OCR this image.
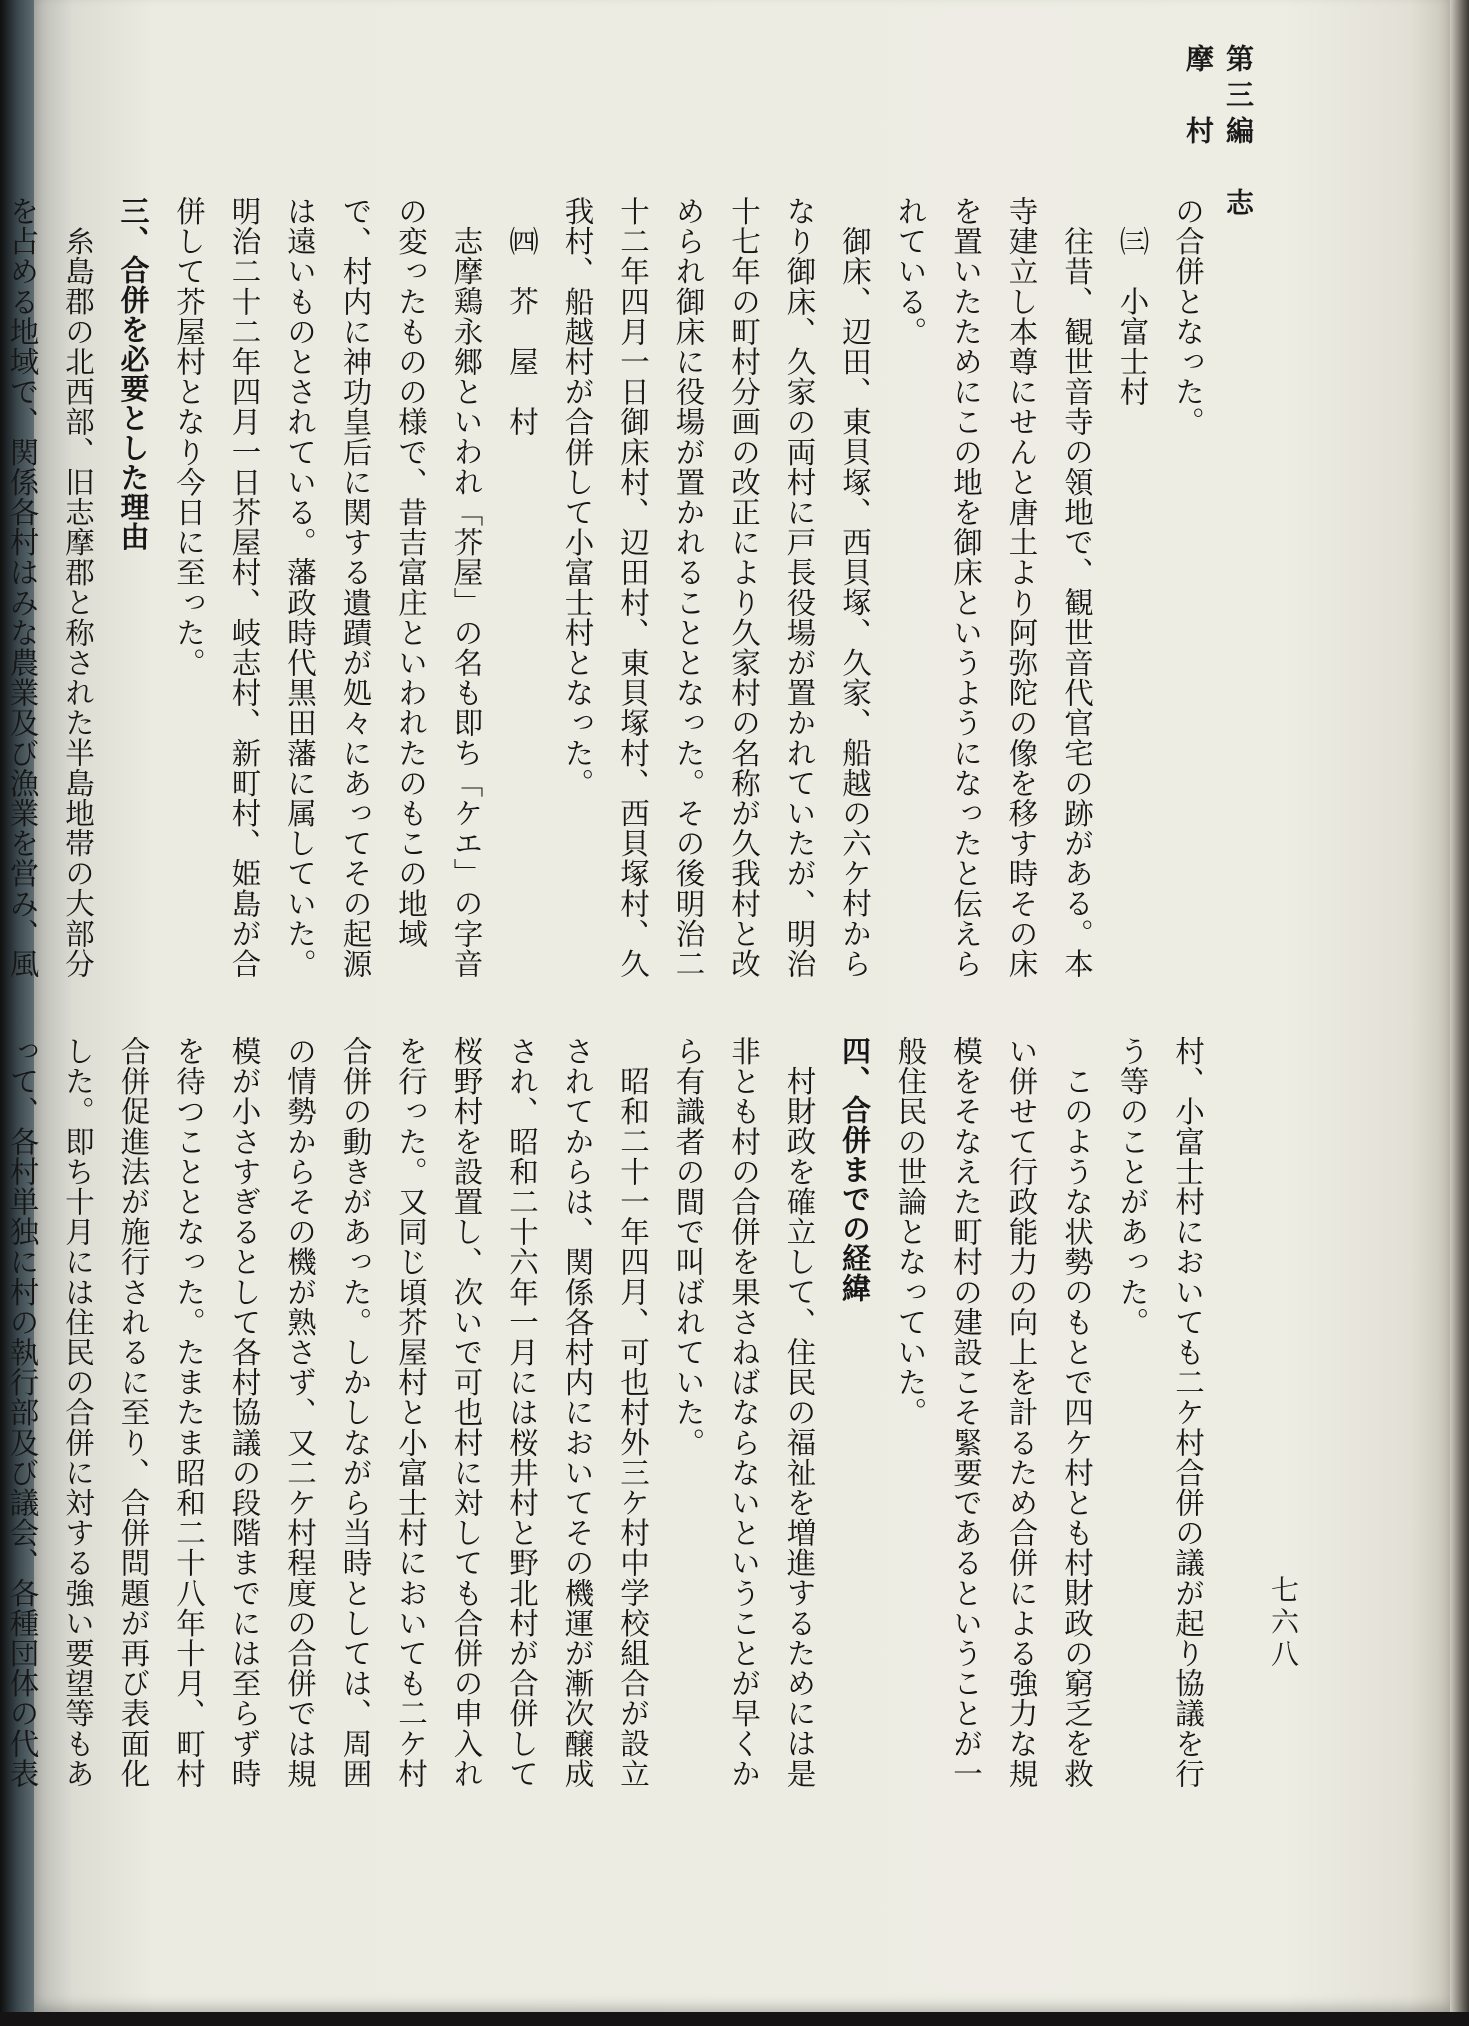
第三編　志　摩　村
七六八

の合併となった。

㈢　小富士村

往昔、観世音寺の領地で、観世音代官宅の跡がある。本寺建立し本尊にせんと唐土より阿弥陀の像を移す時その床を置いたためにこの地を御床というようになったと伝えられている。

御床、辺田、東貝塚、西貝塚、久家、船越の六ケ村からなり御床、久家の両村に戸長役場が置かれていたが、明治十七年の町村分画の改正により久家村の名称が久我村と改められ御床に役場が置かれることとなった。その後明治二十二年四月一日御床村、辺田村、東貝塚村、西貝塚村、久我村、船越村が合併して小富士村となった。

㈣　芥　屋　村

志摩鶏永郷といわれ「芥屋」の名も即ち「ケエ」の字音の変ったものの様で、昔吉富庄といわれたのもこの地域で、村内に神功皇后に関する遺蹟が処々にあってその起源は遠いものとされている。藩政時代黒田藩に属していた。明治二十二年四月一日芥屋村、岐志村、新町村、姫島が合併して芥屋村となり今日に至った。

三、合併を必要とした理由

糸島郡の北西部、旧志摩郡と称された半島地帯の大部分を占める地域で、関係各村はみな農業及び漁業を営み、風

村、小富士村においても二ケ村合併の議が起り協議を行う等のことがあった。

このような状勢のもとで四ケ村とも村財政の窮乏を救い併せて行政能力の向上を計るため合併による強力な規模をそなえた町村の建設こそ緊要であるということが一般住民の世論となっていた。

四、合併までの経緯

村財政を確立して、住民の福祉を増進するためには是非とも村の合併を果さねばならないということが早くから有識者の間で叫ばれていた。

昭和二十一年四月、可也村外三ケ村中学校組合が設立されてからは、関係各村内においてその機運が漸次醸成され、昭和二十六年一月には桜井村と野北村が合併して桜野村を設置し、次いで可也村に対しても合併の申入れを行った。又同じ頃芥屋村と小富士村においても二ケ村合併の動きがあった。しかしながら当時としては、周囲の情勢からその機が熟さず、又二ケ村程度の合併では規模が小さすぎるとして各村協議の段階までには至らず時を待つこととなった。たまたま昭和二十八年十月、町村合併促進法が施行されるに至り、合併問題が再び表面化した。即ち十月には住民の合併に対する強い要望等もあって、各村単独に村の執行部及び議会、各種団体の代表
